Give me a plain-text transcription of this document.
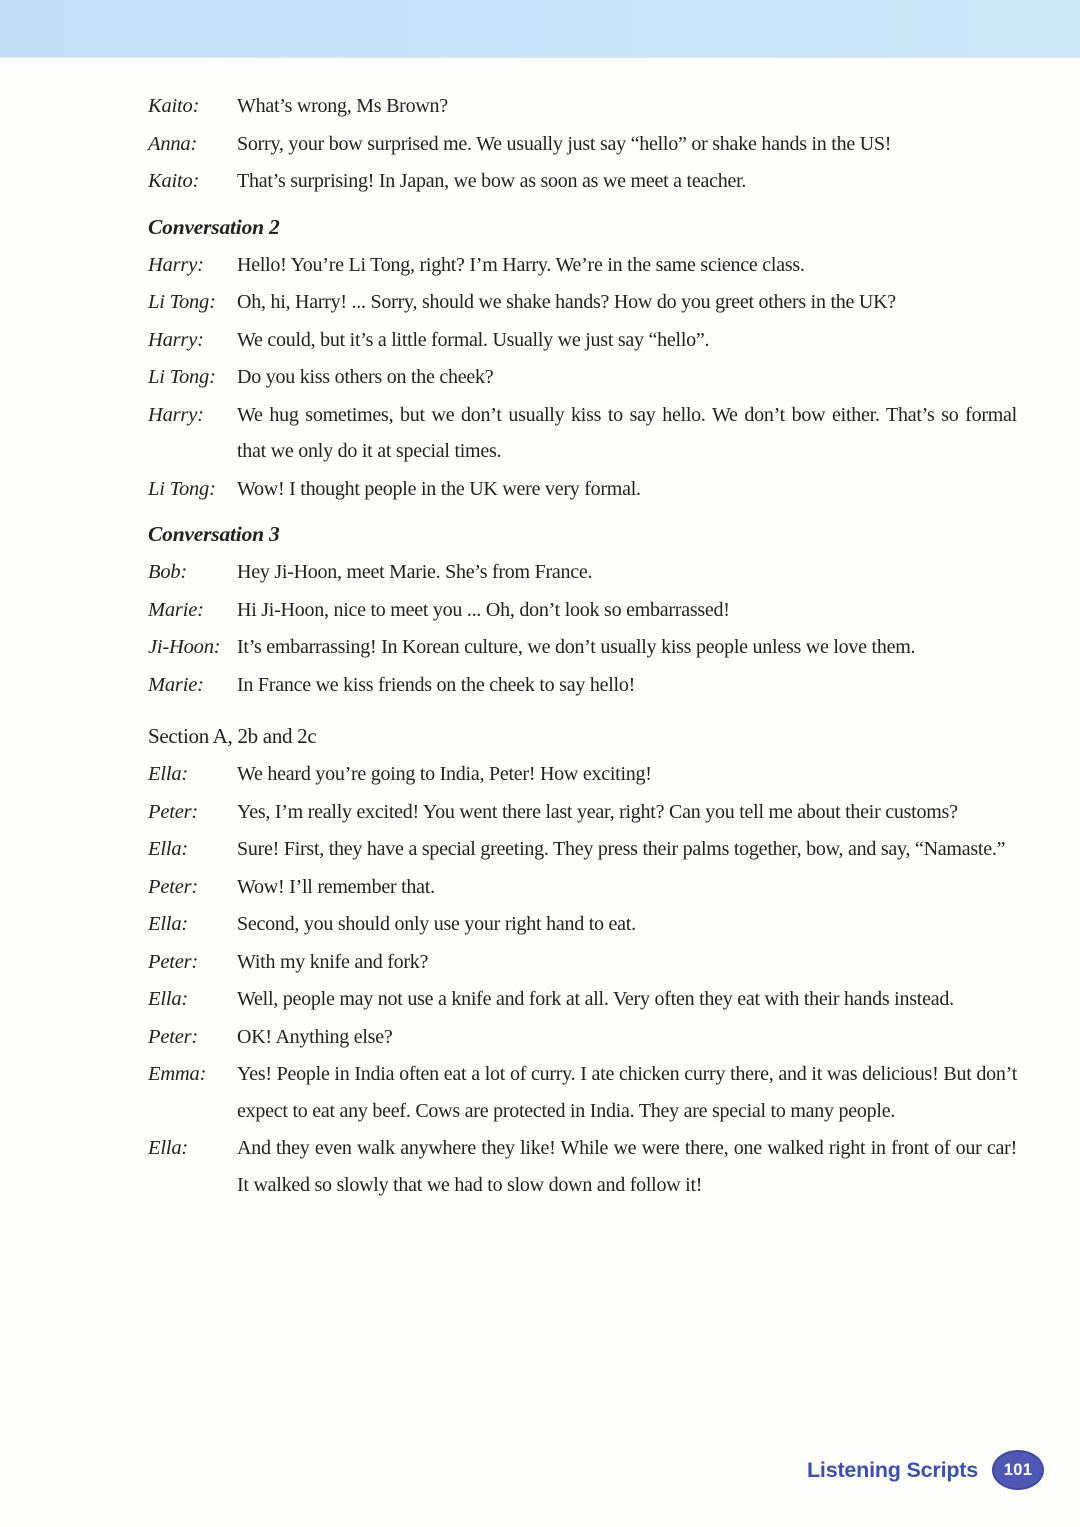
Kaito:	What’s wrong, Ms Brown?
Anna:	Sorry, your bow surprised me. We usually just say “hello” or shake hands in the US!
Kaito:	That’s surprising! In Japan, we bow as soon as we meet a teacher.
Conversation 2
Harry:	Hello! You’re Li Tong, right? I’m Harry. We’re in the same science class.
Li Tong:	Oh, hi, Harry! ... Sorry, should we shake hands? How do you greet others in the UK?
Harry:	We could, but it’s a little formal. Usually we just say “hello”.
Li Tong:	Do you kiss others on the cheek?
Harry:	We hug sometimes, but we don’t usually kiss to say hello. We don’t bow either. That’s so formal that we only do it at special times.
Li Tong:	Wow! I thought people in the UK were very formal.
Conversation 3
Bob:	Hey Ji-Hoon, meet Marie. She’s from France.
Marie:	Hi Ji-Hoon, nice to meet you ... Oh, don’t look so embarrassed!
Ji-Hoon: It’s embarrassing! In Korean culture, we don’t usually kiss people unless we love them.
Marie:	In France we kiss friends on the cheek to say hello!
Section A, 2b and 2c
Ella:	We heard you’re going to India, Peter! How exciting!
Peter:	Yes, I’m really excited! You went there last year, right? Can you tell me about their customs?
Ella:	Sure! First, they have a special greeting. They press their palms together, bow, and say, “Namaste.”
Peter:	Wow! I’ll remember that.
Ella:	Second, you should only use your right hand to eat.
Peter:	With my knife and fork?
Ella:	Well, people may not use a knife and fork at all. Very often they eat with their hands instead.
Peter:	OK! Anything else?
Emma:	Yes! People in India often eat a lot of curry. I ate chicken curry there, and it was delicious! But don’t expect to eat any beef. Cows are protected in India. They are special to many people.
Ella:	And they even walk anywhere they like! While we were there, one walked right in front of our car! It walked so slowly that we had to slow down and follow it!
Listening Scripts 101
